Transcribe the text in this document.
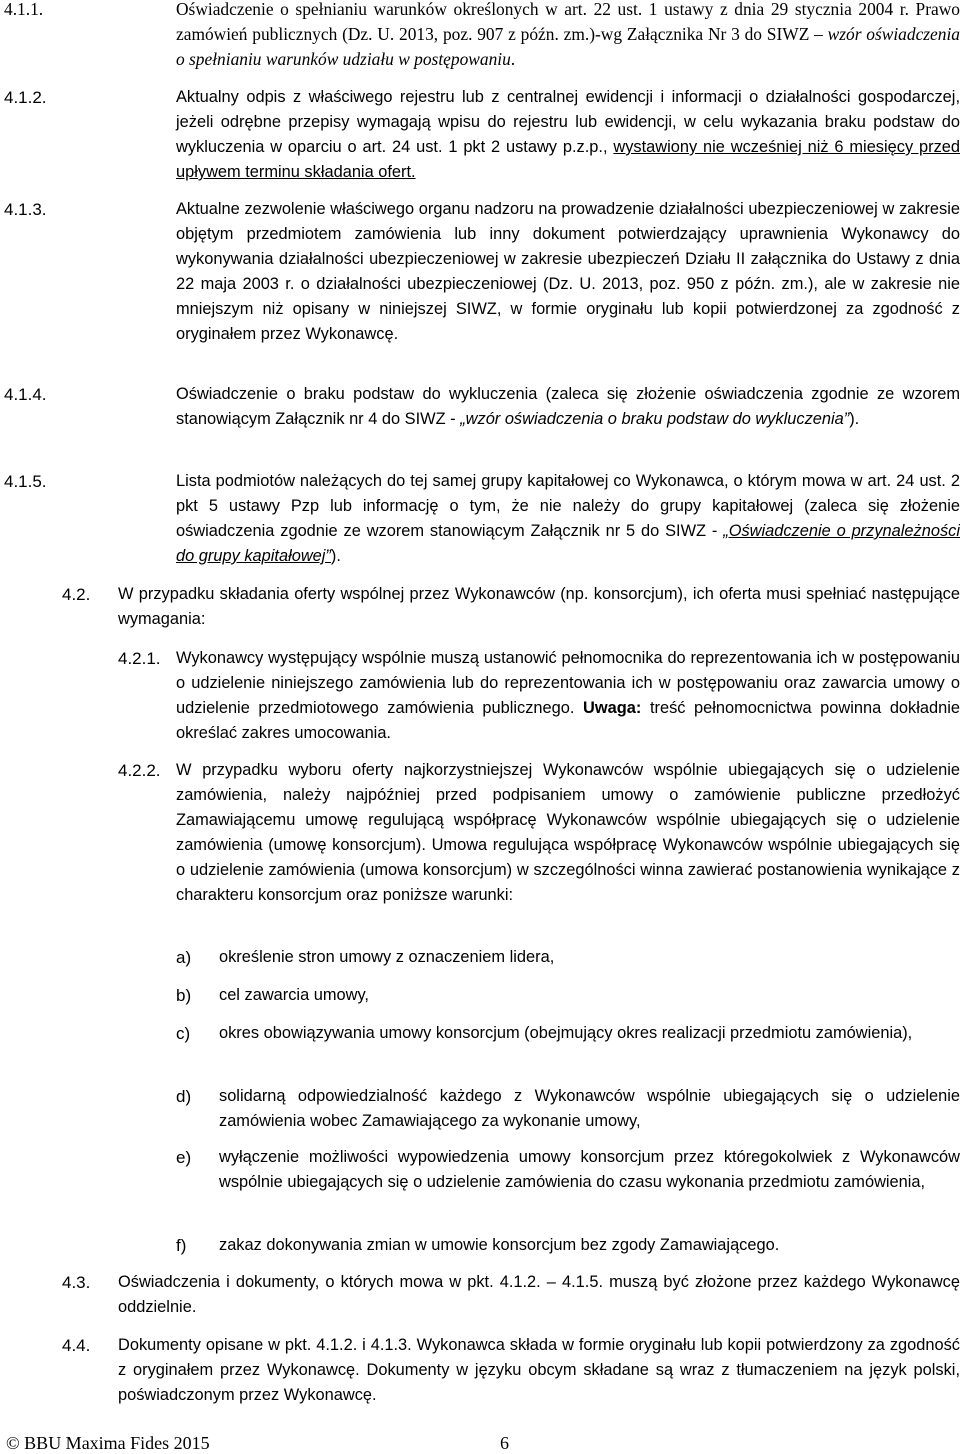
4.1.1.	Oświadczenie o spełnianiu warunków określonych w art. 22 ust. 1 ustawy z dnia 29 stycznia 2004 r. Prawo zamówień publicznych (Dz. U. 2013, poz. 907 z późn. zm.)-wg Załącznika Nr 3 do SIWZ – wzór oświadczenia o spełnianiu warunków udziału w postępowaniu.
4.1.2.	Aktualny odpis z właściwego rejestru lub z centralnej ewidencji i informacji o działalności gospodarczej, jeżeli odrębne przepisy wymagają wpisu do rejestru lub ewidencji, w celu wykazania braku podstaw do wykluczenia w oparciu o art. 24 ust. 1 pkt 2 ustawy p.z.p., wystawiony nie wcześniej niż 6 miesięcy przed upływem terminu składania ofert.
4.1.3.	Aktualne zezwolenie właściwego organu nadzoru na prowadzenie działalności ubezpieczeniowej w zakresie objętym przedmiotem zamówienia lub inny dokument potwierdzający uprawnienia Wykonawcy do wykonywania działalności ubezpieczeniowej w zakresie ubezpieczeń Działu II załącznika do Ustawy z dnia 22 maja 2003 r. o działalności ubezpieczeniowej (Dz. U. 2013, poz. 950 z późn. zm.), ale w zakresie nie mniejszym niż opisany w niniejszej SIWZ, w formie oryginału lub kopii potwierdzonej za zgodność z oryginałem przez Wykonawcę.
4.1.4.	Oświadczenie o braku podstaw do wykluczenia (zaleca się złożenie oświadczenia zgodnie ze wzorem stanowiącym Załącznik nr 4 do SIWZ - „wzór oświadczenia o braku podstaw do wykluczenia”).
4.1.5.	Lista podmiotów należących do tej samej grupy kapitałowej co Wykonawca, o którym mowa w art. 24 ust. 2 pkt 5 ustawy Pzp lub informację o tym, że nie należy do grupy kapitałowej (zaleca się złożenie oświadczenia zgodnie ze wzorem stanowiącym Załącznik nr 5 do SIWZ - „Oświadczenie o przynależności do grupy kapitałowej”).
4.2.	W przypadku składania oferty wspólnej przez Wykonawców (np. konsorcjum), ich oferta musi spełniać następujące wymagania:
4.2.1. Wykonawcy występujący wspólnie muszą ustanowić pełnomocnika do reprezentowania ich w postępowaniu o udzielenie niniejszego zamówienia lub do reprezentowania ich w postępowaniu oraz zawarcia umowy o udzielenie przedmiotowego zamówienia publicznego. Uwaga: treść pełnomocnictwa powinna dokładnie określać zakres umocowania.
4.2.2. W przypadku wyboru oferty najkorzystniejszej Wykonawców wspólnie ubiegających się o udzielenie zamówienia, należy najpóźniej przed podpisaniem umowy o zamówienie publiczne przedłożyć Zamawiającemu umowę regulującą współpracę Wykonawców wspólnie ubiegających się o udzielenie zamówienia (umowę konsorcjum). Umowa regulująca współpracę Wykonawców wspólnie ubiegających się o udzielenie zamówienia (umowa konsorcjum) w szczególności winna zawierać postanowienia wynikające z charakteru konsorcjum oraz poniższe warunki:
a)	określenie stron umowy z oznaczeniem lidera,
b)	cel zawarcia umowy,
c)	okres obowiązywania umowy konsorcjum (obejmujący okres realizacji przedmiotu zamówienia),
d)	solidarną odpowiedzialność każdego z Wykonawców wspólnie ubiegających się o udzielenie zamówienia wobec Zamawiającego za wykonanie umowy,
e)	wyłączenie możliwości wypowiedzenia umowy konsorcjum przez któregokolwiek z Wykonawców wspólnie ubiegających się o udzielenie zamówienia do czasu wykonania przedmiotu zamówienia,
f)	zakaz dokonywania zmian w umowie konsorcjum bez zgody Zamawiającego.
4.3.	Oświadczenia i dokumenty, o których mowa w pkt. 4.1.2. – 4.1.5. muszą być złożone przez każdego Wykonawcę oddzielnie.
4.4.	Dokumenty opisane w pkt. 4.1.2. i 4.1.3. Wykonawca składa w formie oryginału lub kopii potwierdzony za zgodność z oryginałem przez Wykonawcę. Dokumenty w języku obcym składane są wraz z tłumaczeniem na język polski, poświadczonym przez Wykonawcę.
© BBU Maxima Fides 2015	6
